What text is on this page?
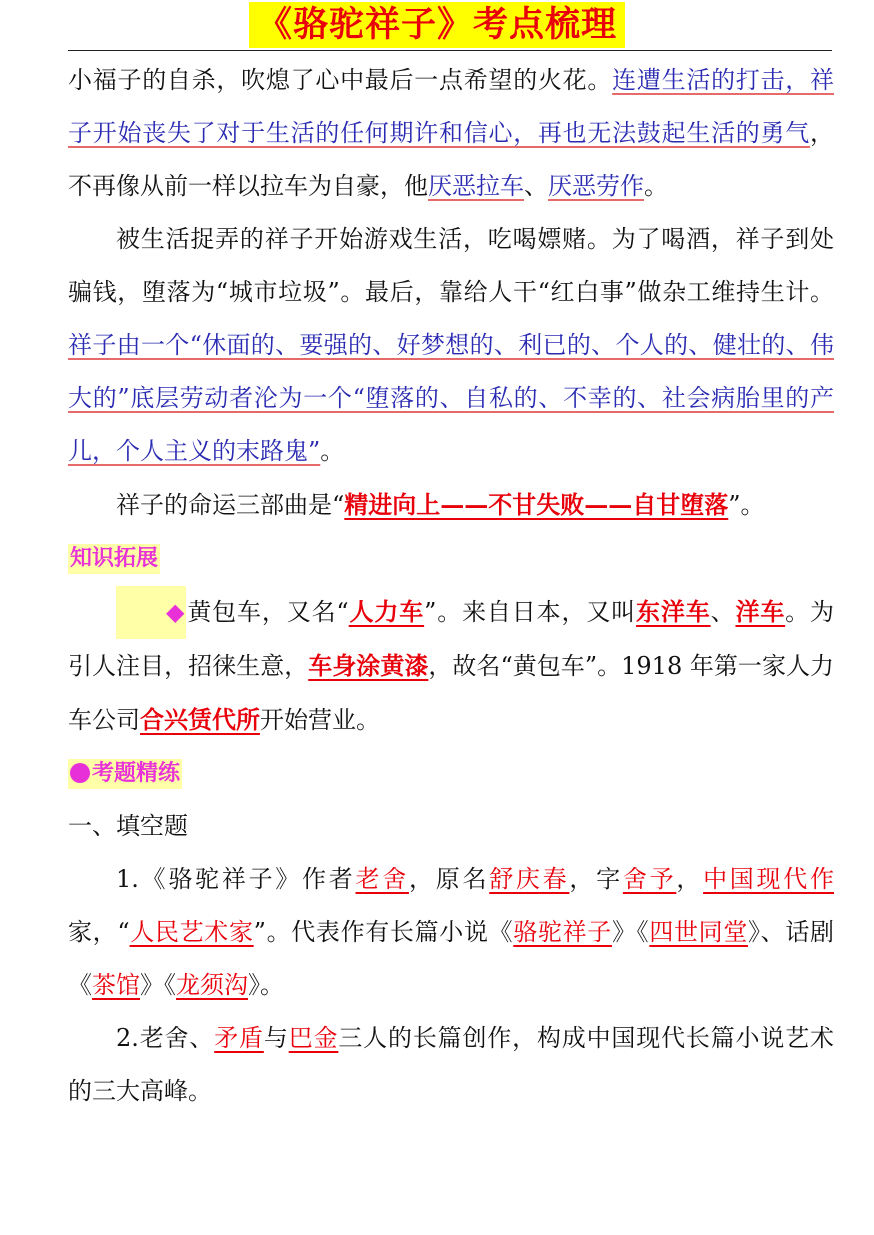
《骆驼祥子》考点梳理

小福子的自杀，吹熄了心中最后一点希望的火花。连遭生活的打击，祥子开始丧失了对于生活的任何期许和信心，再也无法鼓起生活的勇气，不再像从前一样以拉车为自豪，他厌恶拉车、厌恶劳作。

被生活捉弄的祥子开始游戏生活，吃喝嫖赌。为了喝酒，祥子到处骗钱，堕落为“城市垃圾”。最后，靠给人干“红白事”做杂工维持生计。祥子由一个“休面的、要强的、好梦想的、利已的、个人的、健壮的、伟大的”底层劳动者沦为一个“堕落的、自私的、不幸的、社会病胎里的产儿，个人主义的末路鬼”。

祥子的命运三部曲是“精进向上——不甘失败——自甘堕落”。

知识拓展

◆黄包车，又名“人力车”。来自日本，又叫东洋车、洋车。为引人注目，招徕生意，车身涂黄漆，故名“黄包车”。1918 年第一家人力车公司合兴赁代所开始营业。

考题精练

一、填空题

1.《骆驼祥子》作者老舍，原名舒庆春，字舍予，中国现代作家，“人民艺术家”。代表作有长篇小说《骆驼祥子》《四世同堂》、话剧《茶馆》《龙须沟》。

2.老舍、矛盾与巴金三人的长篇创作，构成中国现代长篇小说艺术的三大高峰。
